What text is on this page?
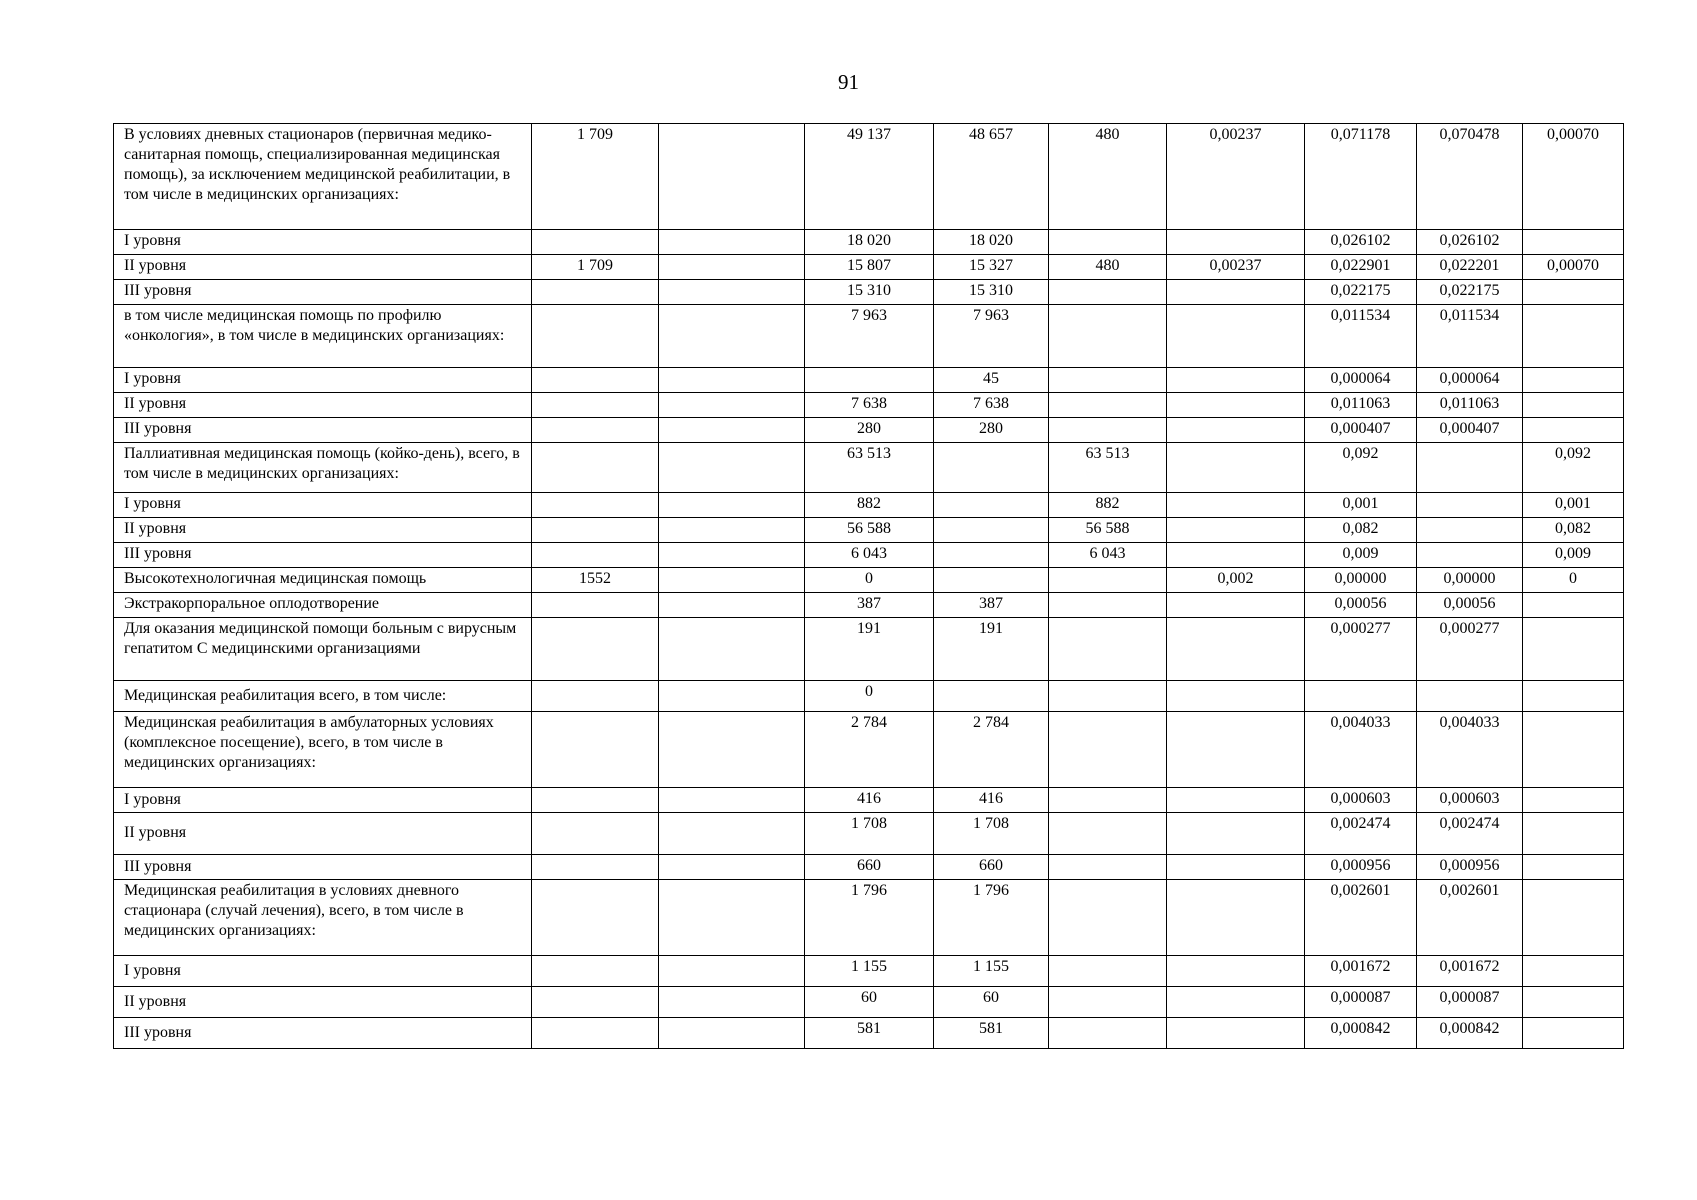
91
В условиях дневных стационаров (первичная медико-санитарная помощь, специализированная медицинская помощь), за исключением медицинской реабилитации, в том числе в медицинских организациях:	1 709		49 137	48 657	480	0,00237	0,071178	0,070478	0,00070
I уровня			18 020	18 020			0,026102	0,026102	
II уровня	1 709		15 807	15 327	480	0,00237	0,022901	0,022201	0,00070
III уровня			15 310	15 310			0,022175	0,022175	
в том числе медицинская помощь по профилю «онкология», в том числе в медицинских организациях:			7 963	7 963			0,011534	0,011534	
I уровня				45			0,000064	0,000064	
II уровня			7 638	7 638			0,011063	0,011063	
III уровня			280	280			0,000407	0,000407	
Паллиативная медицинская помощь (койко-день), всего, в том числе в медицинских организациях:			63 513		63 513		0,092		0,092
I уровня			882		882		0,001		0,001
II уровня			56 588		56 588		0,082		0,082
III уровня			6 043		6 043		0,009		0,009
Высокотехнологичная медицинская помощь	1552		0			0,002	0,00000	0,00000	0
Экстракорпоральное оплодотворение			387	387			0,00056	0,00056	
Для оказания медицинской помощи больным с вирусным гепатитом С медицинскими организациями			191	191			0,000277	0,000277	
Медицинская реабилитация всего, в том числе:			0						
Медицинская реабилитация в амбулаторных условиях (комплексное посещение), всего, в том числе в медицинских организациях:			2 784	2 784			0,004033	0,004033	
I уровня			416	416			0,000603	0,000603	
II уровня			1 708	1 708			0,002474	0,002474	
III уровня			660	660			0,000956	0,000956	
Медицинская реабилитация в условиях дневного стационара (случай лечения), всего, в том числе в медицинских организациях:			1 796	1 796			0,002601	0,002601	
I уровня			1 155	1 155			0,001672	0,001672	
II уровня			60	60			0,000087	0,000087	
III уровня			581	581			0,000842	0,000842	
